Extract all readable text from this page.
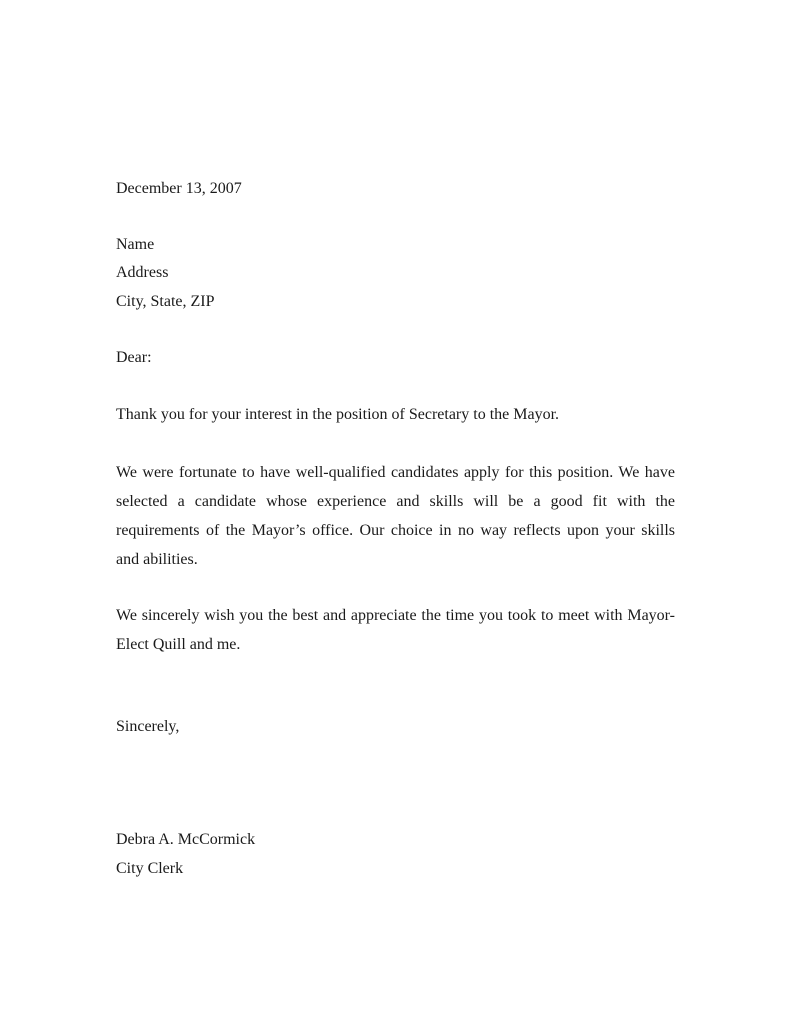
December 13, 2007

Name

Address

City, State, ZIP

Dear:

Thank you for your interest in the position of Secretary to the Mayor.

We were fortunate to have well-qualified candidates apply for this position. We have
selected a candidate whose experience and skills will be a good fit with the
requirements of the Mayor’s office. Our choice in no way reflects upon your skills
and abilities.
We sincerely wish you the best and appreciate the time you took to meet with Mayor-
Elect Quill and me.

Sincerely,

Debra A. McCormick

City Clerk
